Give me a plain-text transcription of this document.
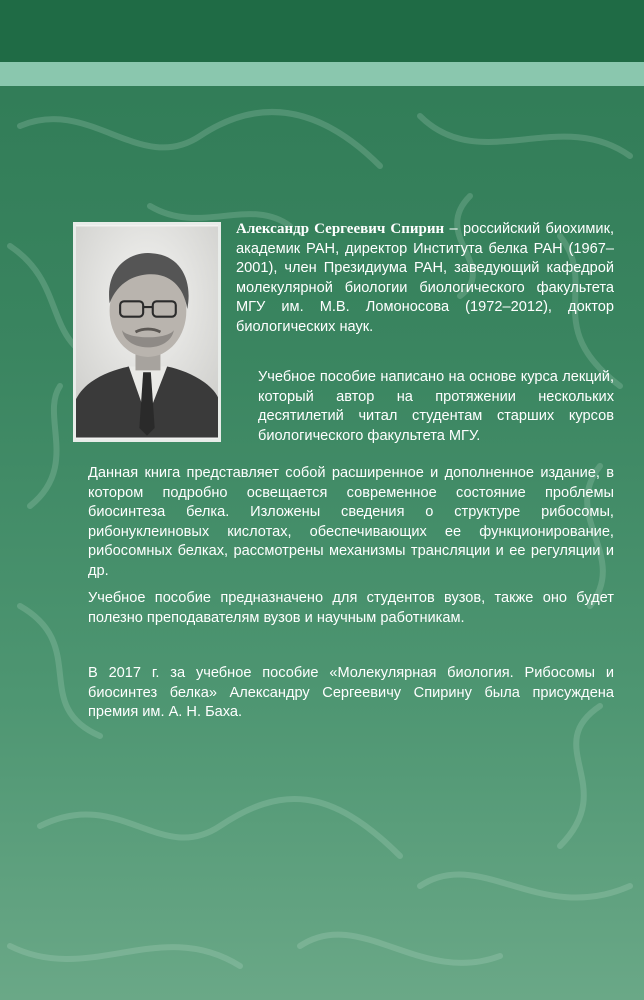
Александр Сергеевич Спирин – российский биохимик, академик РАН, директор Института белка РАН (1967–2001), член Президиума РАН, заведующий кафедрой молекулярной биологии биологического факультета МГУ им. М.В. Ломоносова (1972–2012), доктор биологических наук.

Учебное пособие написано на основе курса лекций, который автор на протяжении нескольких десятилетий читал студентам старших курсов биологического факультета МГУ.

Данная книга представляет собой расширенное и дополненное издание, в котором подробно освещается современное состояние проблемы биосинтеза белка. Изложены сведения о структуре рибосомы, рибонуклеиновых кислотах, обеспечивающих ее функционирование, рибосомных белках, рассмотрены механизмы трансляции и ее регуляции и др.

Учебное пособие предназначено для студентов вузов, также оно будет полезно преподавателям вузов и научным работникам.

В 2017 г. за учебное пособие «Молекулярная биология. Рибосомы и биосинтез белка» Александру Сергеевичу Спирину была присуждена премия им. А. Н. Баха.
